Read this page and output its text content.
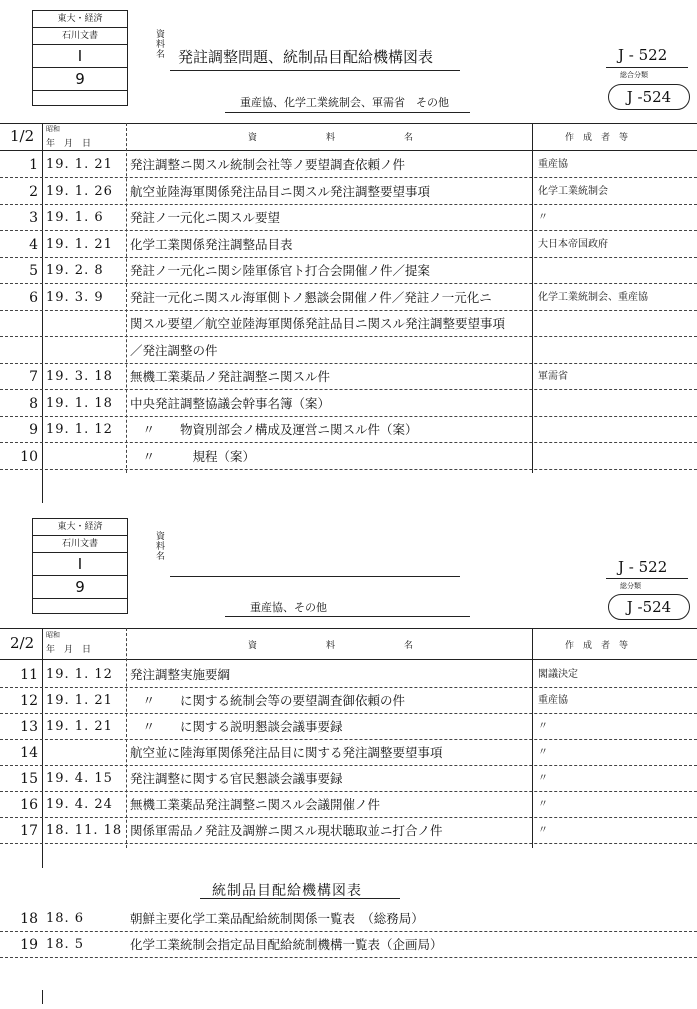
東大・経済
石川文書
I
9
資料名 発註調整問題、統制品目配給機構図表	J - 522
総合分類
J -524
重産協、化学工業統制会、軍需省　その他
1/2 昭和
年　月　日
資　料　名	作　成　者　等
1 19. 1. 21	発注調整ニ関スル統制会社等ノ要望調査依頼ノ件	重産協
2 19. 1. 26	航空並陸海軍関係発注品目ニ関スル発注調整要望事項	化学工業統制会
3 19. 1. 6	発註ノ一元化ニ関スル要望	〃
4 19. 1. 21	化学工業関係発注調整品目表	大日本帝国政府
5 19. 2. 8	発註ノ一元化ニ関シ陸軍係官ト打合会開催ノ件／提案
6 19. 3. 9	発註一元化ニ関スル海軍側トノ懇談会開催ノ件／発註ノ一元化ニ	化学工業統制会、重産協
関スル要望／航空並陸海軍関係発註品目ニ関スル発注調整要望事項
／発注調整の件
7 19. 3. 18	無機工業薬品ノ発註調整ニ関スル件	軍需省
8 19. 1. 18	中央発註調整協議会幹事名簿（案）
9 19. 1. 12	　〃　　物資別部会ノ構成及運営ニ関スル件（案）
10	　〃　　　規程（案）
東大・経済
石川文書
I
9
資料名
J - 522
総分類
J -524
重産協、その他
2/2 昭和
年　月　日	資　料　名	作　成　者　等
11 19. 1. 12	発注調整実施要綱	閣議決定
12 19. 1. 21	　〃　　に関する統制会等の要望調査御依頼の件	重産協
13 19. 1. 21	　〃　　に関する説明懇談会議事要録	〃
14	航空並に陸海軍関係発注品目に関する発注調整要望事項	〃
15 19. 4. 15	発注調整に関する官民懇談会議事要録	〃
16 19. 4. 24	無機工業薬品発注調整ニ関スル会議開催ノ件	〃
17 18. 11. 18 関係軍需品ノ発註及調辦ニ関スル現状聴取並ニ打合ノ件	〃
統制品目配給機構図表
18 18. 6	朝鮮主要化学工業品配給統制関係一覧表　（総務局）
19 18. 5	化学工業統制会指定品目配給統制機構一覧表（企画局）
